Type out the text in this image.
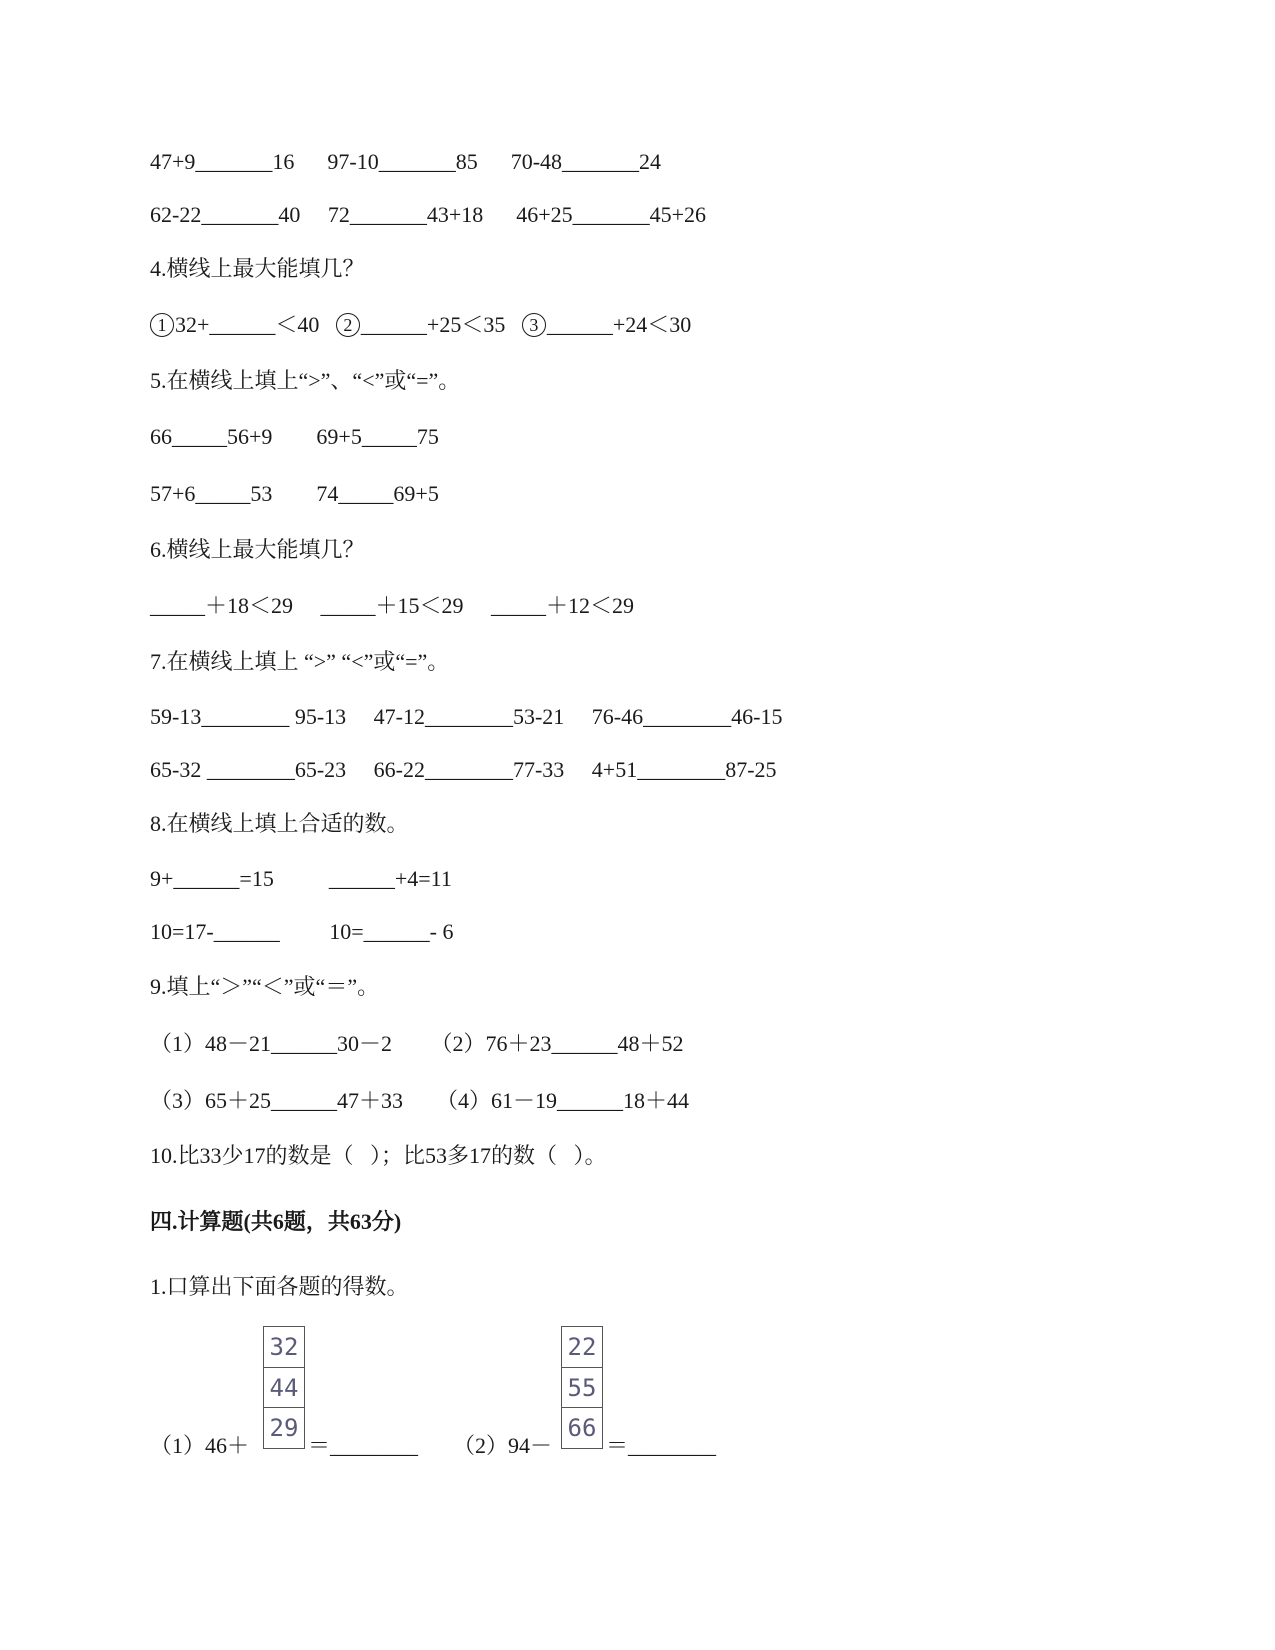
47+9_______16      97-10_______85      70-48_______24
62-22_______40     72_______43+18      46+25_______45+26
4.横线上最大能填几？
1 32+______＜40   2 ______+25＜35   3 ______+24＜30
5.在横线上填上“>”、“<”或“=”。
66_____56+9        69+5_____75
57+6_____53        74_____69+5
6.横线上最大能填几？
_____＋18＜29     _____＋15＜29     _____＋12＜29
7.在横线上填上 “>” “<”或“=”。
59-13________ 95-13     47-12________53-21     76-46________46-15
65-32 ________65-23     66-22________77-33     4+51________87-25
8.在横线上填上合适的数。
9+______=15          ______+4=11
10=17-______         10=______- 6
9.填上“＞”“＜”或“＝”。
（1）48－21______30－2       （2）76＋23______48＋52
（3）65＋25______47＋33      （4）61－19______18＋44
10.比33少17的数是（   ）；比53多17的数（   ）。
四.计算题(共6题，共63分)
1.口算出下面各题的得数。
（1）46＋
32
44
29
＝________ （2）94－
22
55
66
＝________
